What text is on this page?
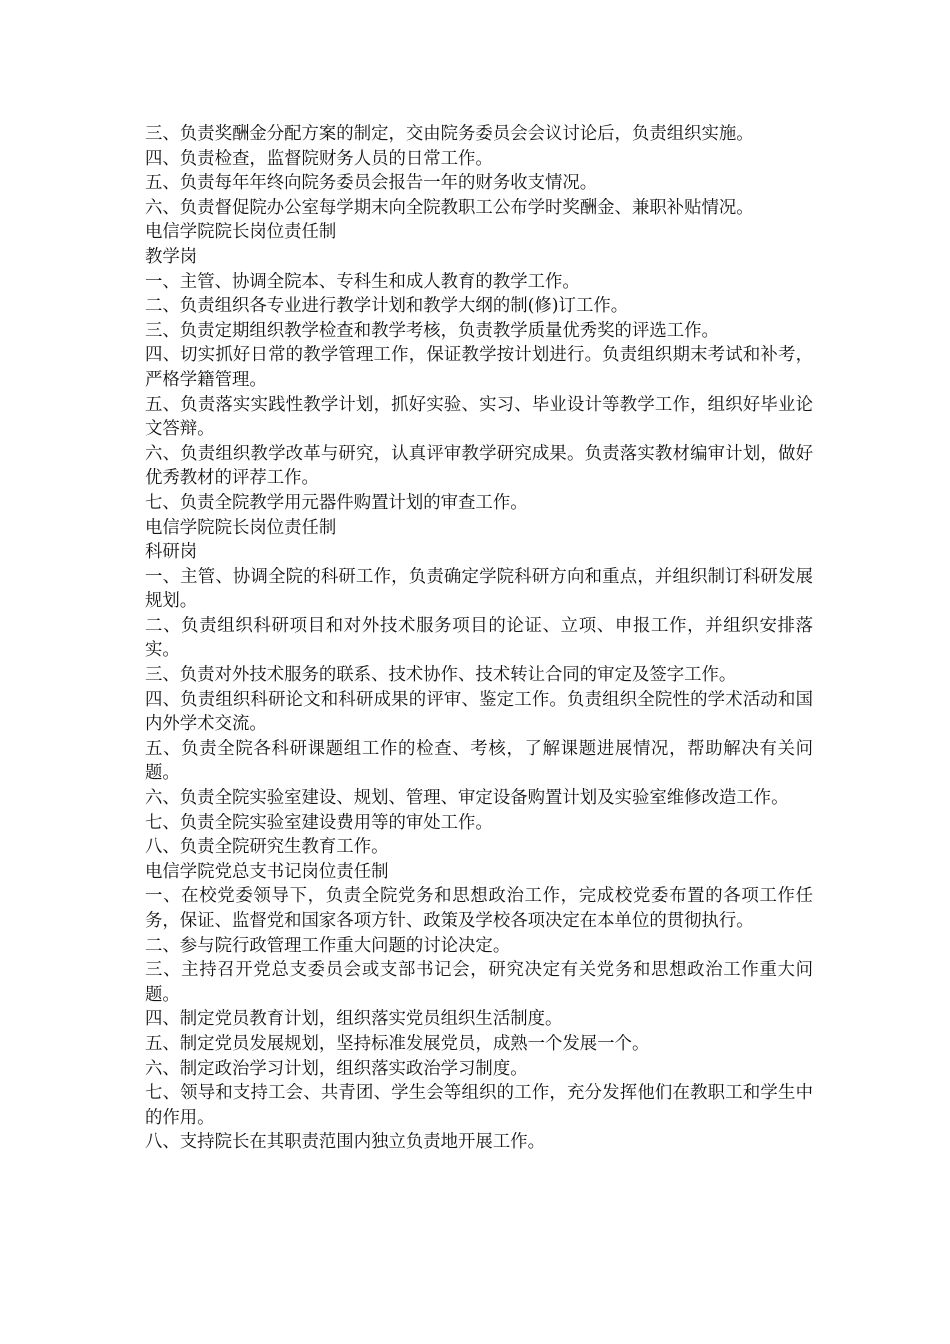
三、负责奖酬金分配方案的制定，交由院务委员会会议讨论后，负责组织实施。

四、负责检查，监督院财务人员的日常工作。

五、负责每年年终向院务委员会报告一年的财务收支情况。

六、负责督促院办公室每学期末向全院教职工公布学时奖酬金、兼职补贴情况。

电信学院院长岗位责任制

教学岗

一、主管、协调全院本、专科生和成人教育的教学工作。

二、负责组织各专业进行教学计划和教学大纲的制(修)订工作。

三、负责定期组织教学检查和教学考核，负责教学质量优秀奖的评选工作。

四、切实抓好日常的教学管理工作，保证教学按计划进行。负责组织期末考试和补考，严格学籍管理。

五、负责落实实践性教学计划，抓好实验、实习、毕业设计等教学工作，组织好毕业论文答辩。

六、负责组织教学改革与研究，认真评审教学研究成果。负责落实教材编审计划，做好优秀教材的评荐工作。

七、负责全院教学用元器件购置计划的审查工作。

电信学院院长岗位责任制

科研岗

一、主管、协调全院的科研工作，负责确定学院科研方向和重点，并组织制订科研发展规划。

二、负责组织科研项目和对外技术服务项目的论证、立项、申报工作，并组织安排落实。

三、负责对外技术服务的联系、技术协作、技术转让合同的审定及签字工作。

四、负责组织科研论文和科研成果的评审、鉴定工作。负责组织全院性的学术活动和国内外学术交流。

五、负责全院各科研课题组工作的检查、考核，了解课题进展情况，帮助解决有关问题。

六、负责全院实验室建设、规划、管理、审定设备购置计划及实验室维修改造工作。

七、负责全院实验室建设费用等的审处工作。

八、负责全院研究生教育工作。

电信学院党总支书记岗位责任制

一、在校党委领导下，负责全院党务和思想政治工作，完成校党委布置的各项工作任务，保证、监督党和国家各项方针、政策及学校各项决定在本单位的贯彻执行。

二、参与院行政管理工作重大问题的讨论决定。

三、主持召开党总支委员会或支部书记会，研究决定有关党务和思想政治工作重大问题。

四、制定党员教育计划，组织落实党员组织生活制度。

五、制定党员发展规划，坚持标准发展党员，成熟一个发展一个。

六、制定政治学习计划，组织落实政治学习制度。

七、领导和支持工会、共青团、学生会等组织的工作，充分发挥他们在教职工和学生中的作用。

八、支持院长在其职责范围内独立负责地开展工作。
